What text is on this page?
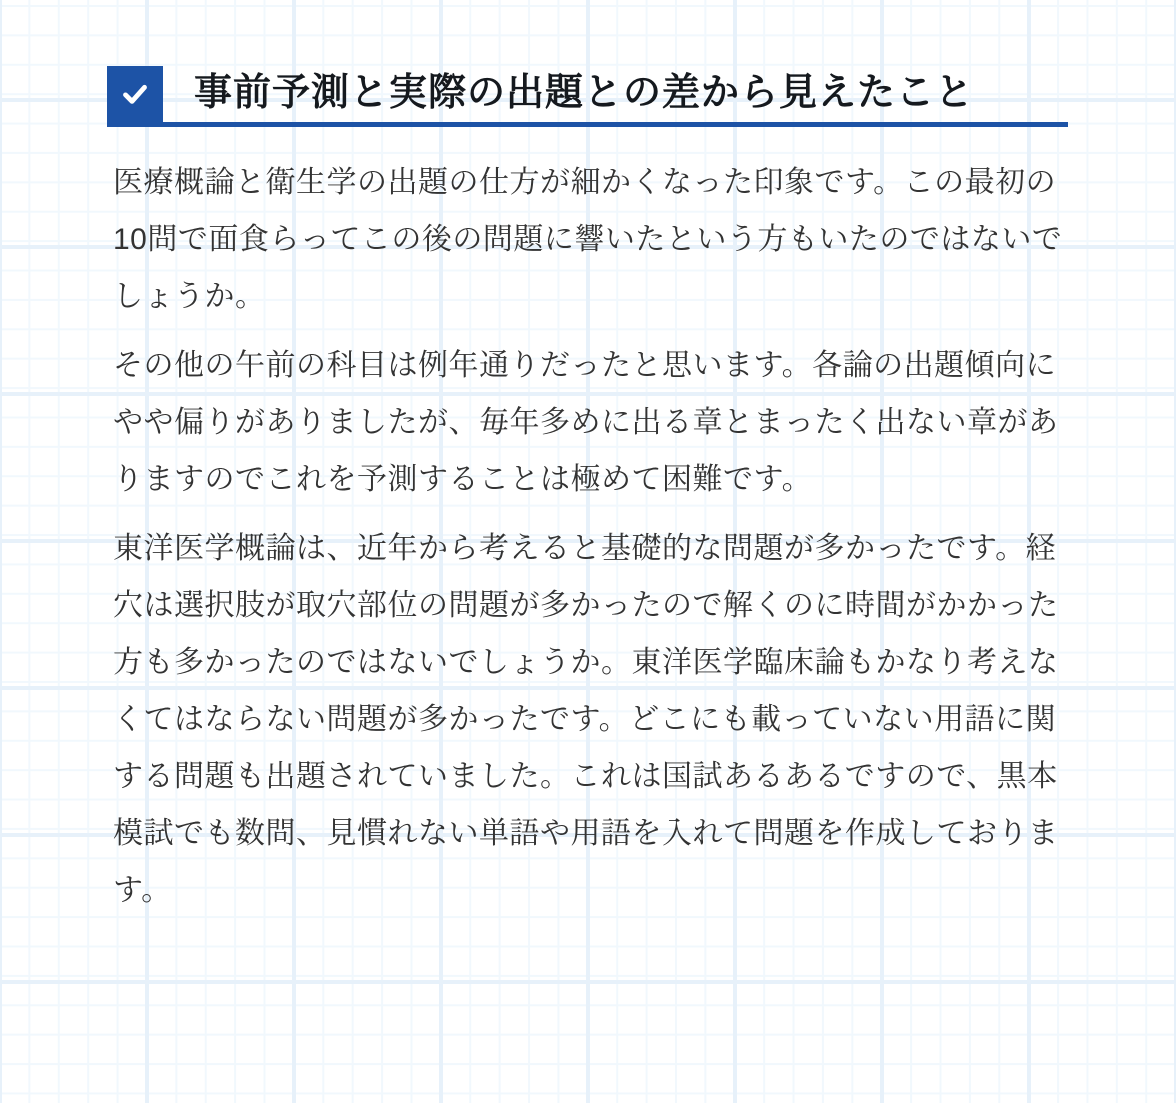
事前予測と実際の出題との差から見えたこと

医療概論と衛生学の出題の仕方が細かくなった印象です。この最初の10問で面食らってこの後の問題に響いたという方もいたのではないでしょうか。

その他の午前の科目は例年通りだったと思います。各論の出題傾向にやや偏りがありましたが、毎年多めに出る章とまったく出ない章がありますのでこれを予測することは極めて困難です。

東洋医学概論は、近年から考えると基礎的な問題が多かったです。経穴は選択肢が取穴部位の問題が多かったので解くのに時間がかかった方も多かったのではないでしょうか。東洋医学臨床論もかなり考えなくてはならない問題が多かったです。どこにも載っていない用語に関する問題も出題されていました。これは国試あるあるですので、黒本模試でも数問、見慣れない単語や用語を入れて問題を作成しております。
